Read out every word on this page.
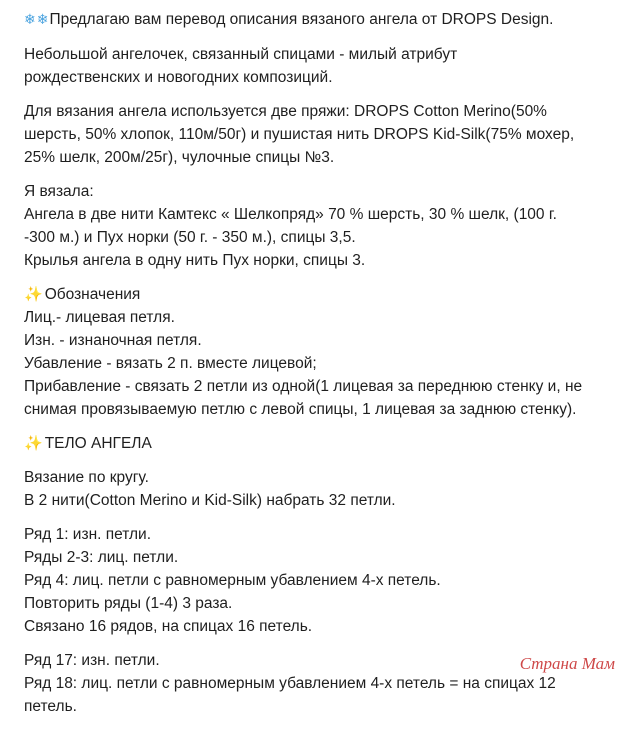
❄❄Предлагаю вам перевод описания вязаного ангела от DROPS Design.
Небольшой ангелочек, связанный спицами - милый атрибут
рождественских и новогодних композиций.
Для вязания ангела используется две пряжи: DROPS Cotton Merino(50%
шерсть, 50% хлопок, 110м/50г) и пушистая нить DROPS Kid-Silk(75% мохер,
25% шелк, 200м/25г), чулочные спицы №3.
Я вязала:
Ангела в две нити Камтекс « Шелкопряд» 70 % шерсть, 30 % шелк, (100 г.
-300 м.) и Пух норки (50 г. - 350 м.), спицы 3,5.
Крылья ангела в одну нить Пух норки, спицы 3.
✨ Обозначения
Лиц.- лицевая петля.
Изн. - изнаночная петля.
Убавление - вязать 2 п. вместе лицевой;
Прибавление - связать 2 петли из одной(1 лицевая за переднюю стенку и, не
снимая провязываемую петлю с левой спицы, 1 лицевая за заднюю стенку).
✨ ТЕЛО АНГЕЛА
Вязание по кругу.
В 2 нити(Cotton Merino и Kid-Silk) набрать 32 петли.
Ряд 1: изн. петли.
Ряды 2-3: лиц. петли.
Ряд 4: лиц. петли с равномерным убавлением 4-х петель.
Повторить ряды (1-4) 3 раза.
Связано 16 рядов, на спицах 16 петель.
Ряд 17: изн. петли.
Ряд 18: лиц. петли с равномерным убавлением 4-х петель = на спицах 12
петель.
Страна Мам
